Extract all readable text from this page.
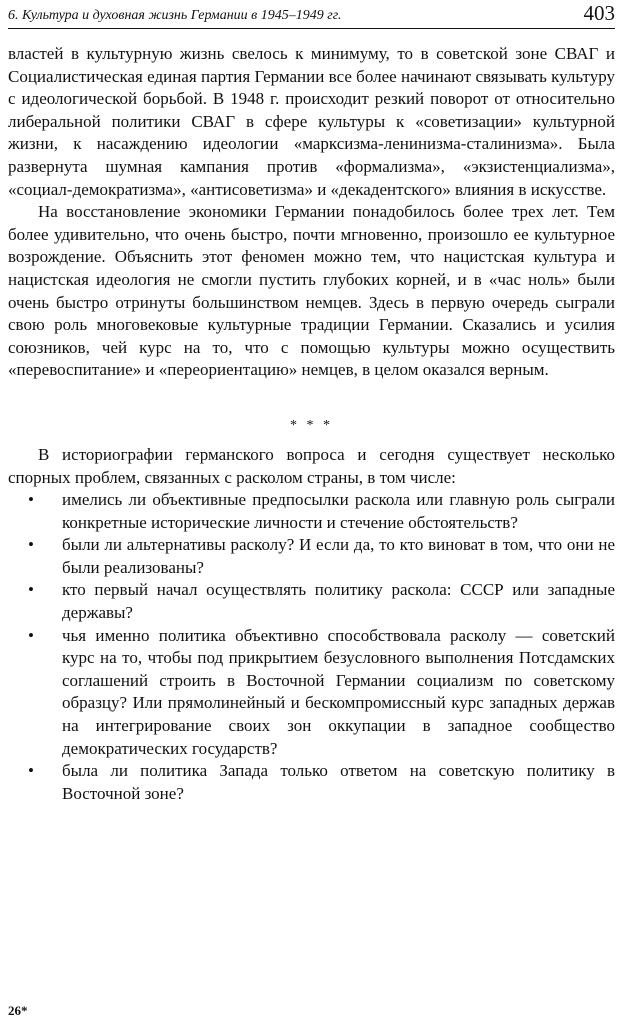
6. Культура и духовная жизнь Германии в 1945–1949 гг.	403

властей в культурную жизнь свелось к минимуму, то в советской зоне СВАГ и Социалистическая единая партия Германии все более начинают связывать культуру с идеологической борьбой. В 1948 г. происходит резкий поворот от относительно либеральной политики СВАГ в сфере культуры к «советизации» культурной жизни, к насаждению идеологии «марксизма-ленинизма-сталинизма». Была развернута шумная кампания против «формализма», «экзистенциализма», «социал-демократизма», «антисоветизма» и «декадентского» влияния в искусстве.

На восстановление экономики Германии понадобилось более трех лет. Тем более удивительно, что очень быстро, почти мгновенно, произошло ее культурное возрождение. Объяснить этот феномен можно тем, что нацистская культура и нацистская идеология не смогли пустить глубоких корней, и в «час ноль» были очень быстро отринуты большинством немцев. Здесь в первую очередь сыграли свою роль многовековые культурные традиции Германии. Сказались и усилия союзников, чей курс на то, что с помощью культуры можно осуществить «перевоспитание» и «переориентацию» немцев, в целом оказался верным.

* * *

В историографии германского вопроса и сегодня существует несколько спорных проблем, связанных с расколом страны, в том числе:

• имелись ли объективные предпосылки раскола или главную роль сыграли конкретные исторические личности и стечение обстоятельств?
• были ли альтернативы расколу? И если да, то кто виноват в том, что они не были реализованы?
• кто первый начал осуществлять политику раскола: СССР или западные державы?
• чья именно политика объективно способствовала расколу — советский курс на то, чтобы под прикрытием безусловного выполнения Потсдамских соглашений строить в Восточной Германии социализм по советскому образцу? Или прямолинейный и бескомпромиссный курс западных держав на интегрирование своих зон оккупации в западное сообщество демократических государств?
• была ли политика Запада только ответом на советскую политику в Восточной зоне?
26*
